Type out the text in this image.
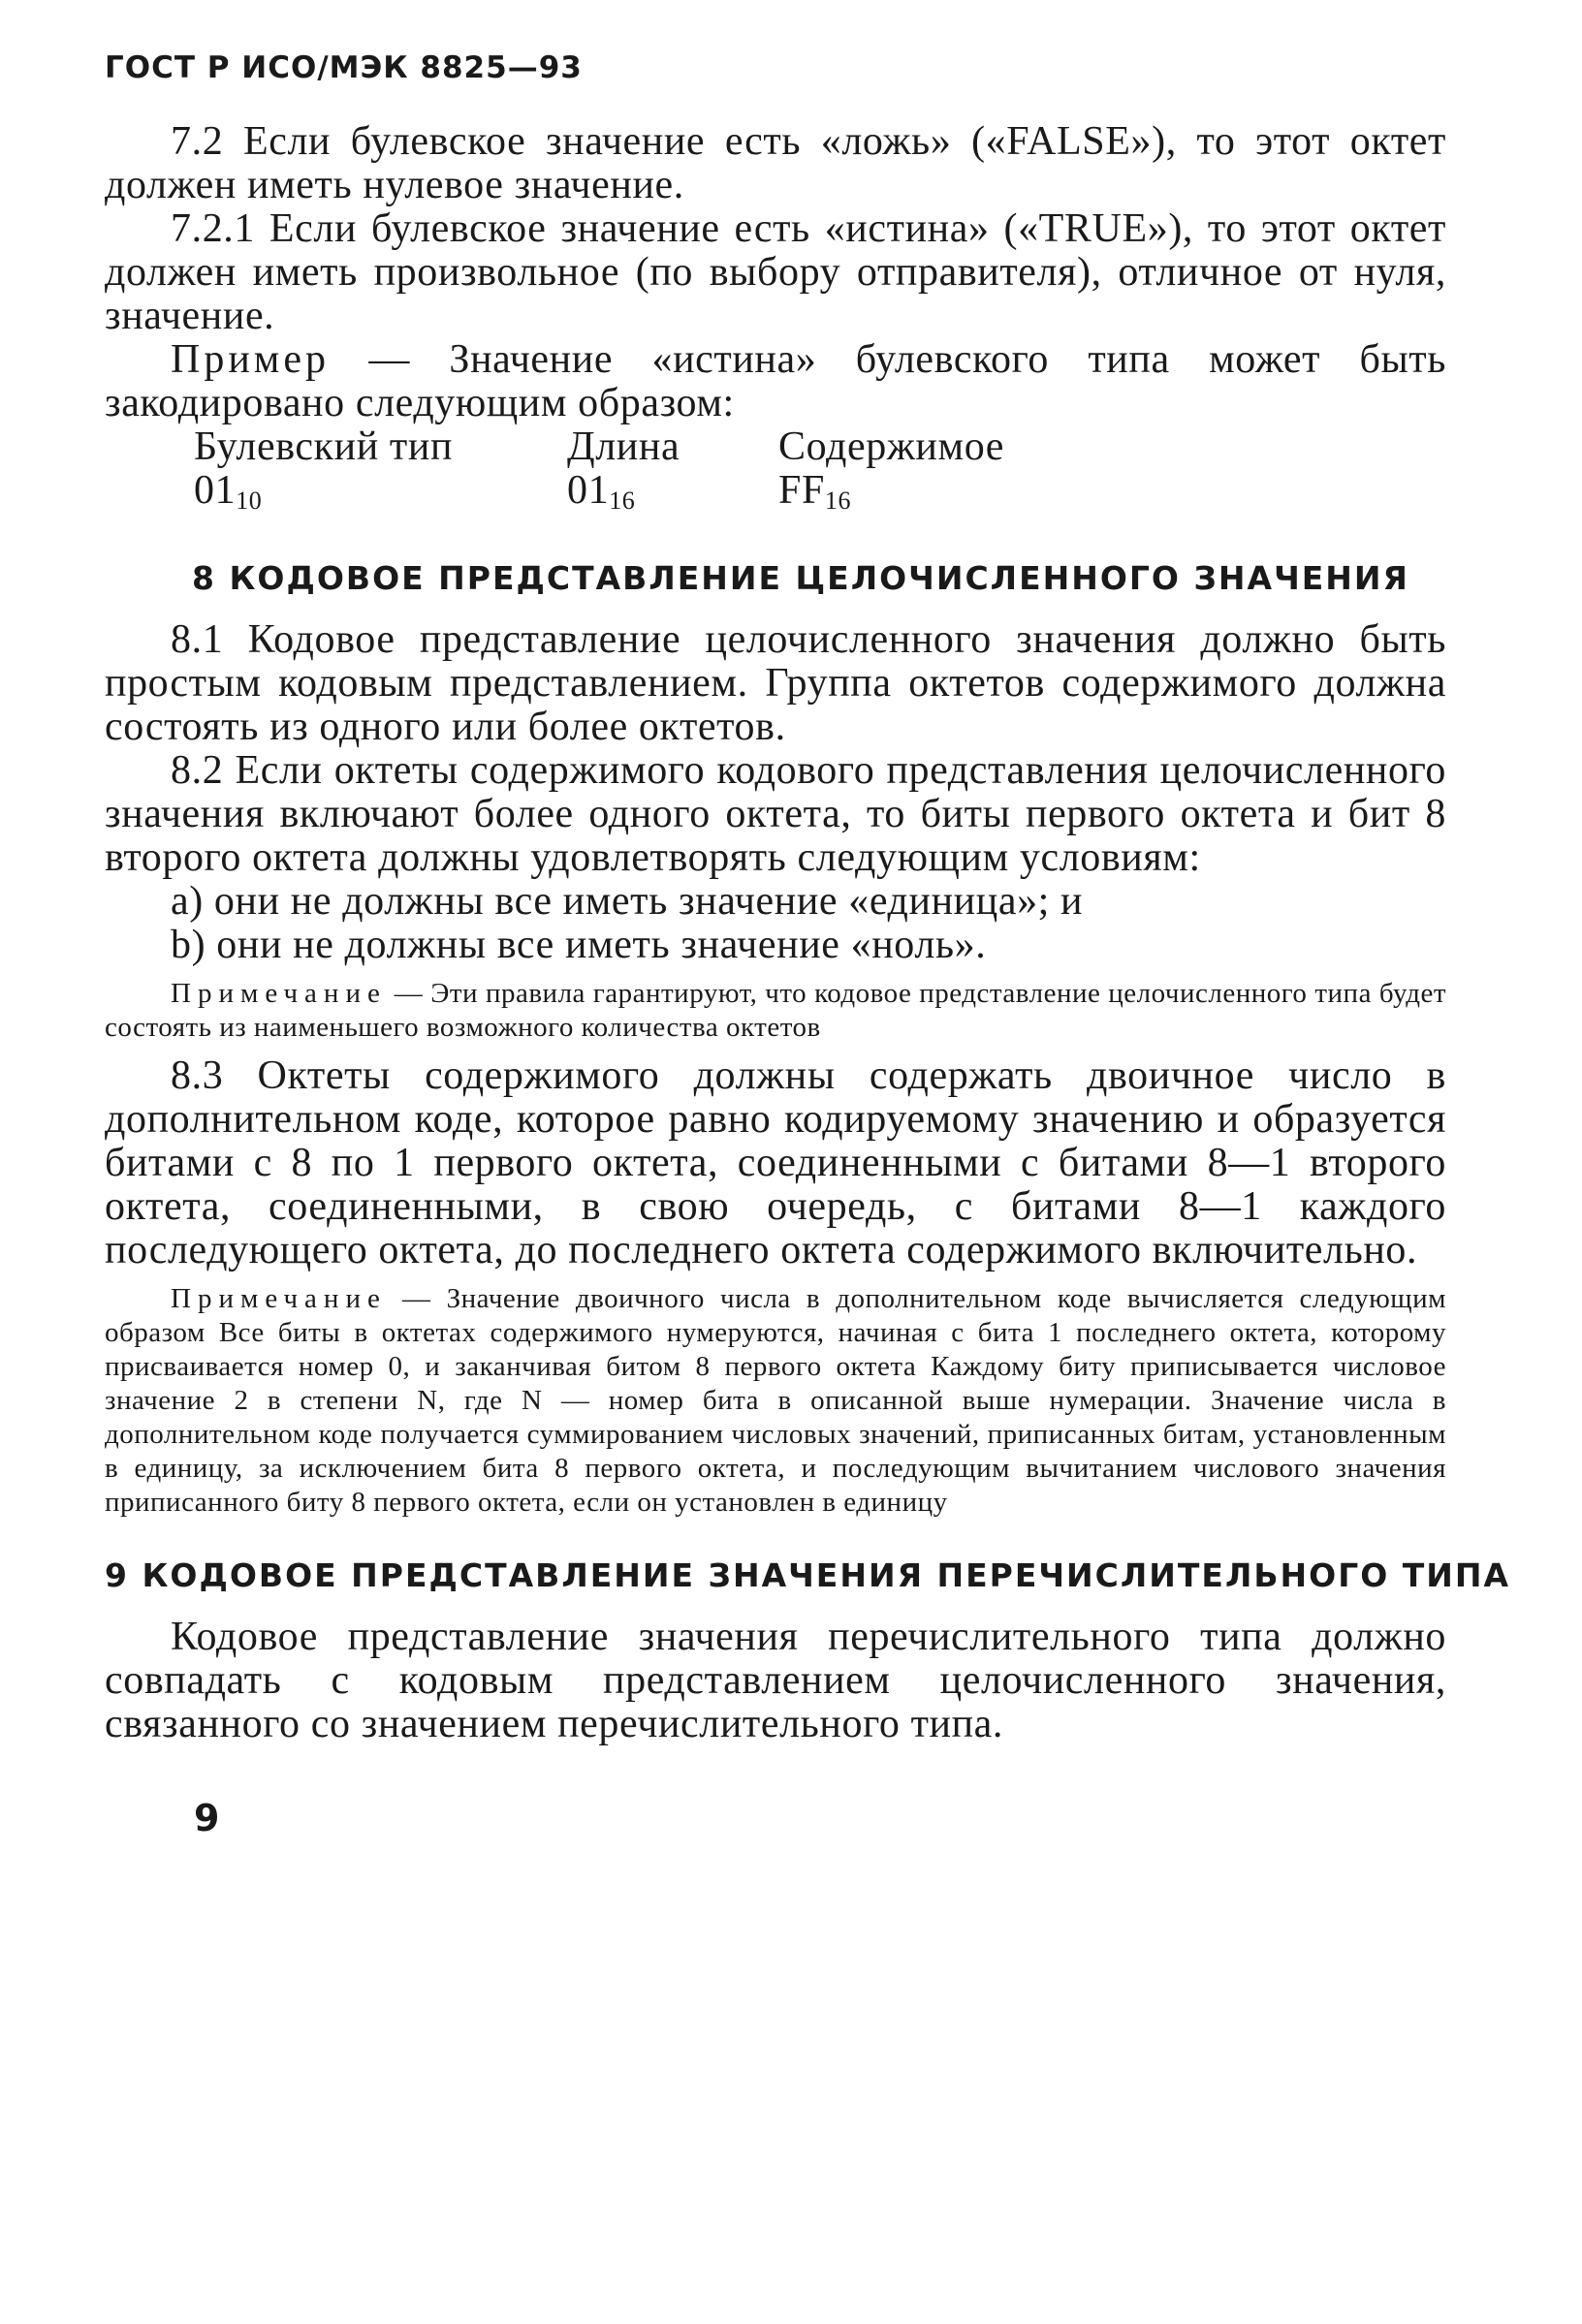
ГОСТ Р ИСО/МЭК 8825—93

7.2 Если булевское значение есть «ложь» («FALSE»), то этот октет должен иметь нулевое значение.

7.2.1 Если булевское значение есть «истина» («TRUE»), то этот октет должен иметь произвольное (по выбору отправителя), отличное от нуля, значение.

Пример — Значение «истина» булевского типа может быть закодировано следующим образом:

Булевский тип	Длина	Содержимое
$01_{10}$	$01_{16}$	$FF_{16}$
8 КОДОВОЕ ПРЕДСТАВЛЕНИЕ ЦЕЛОЧИСЛЕННОГО ЗНАЧЕНИЯ

8.1 Кодовое представление целочисленного значения должно быть простым кодовым представлением. Группа октетов содержимого должна состоять из одного или более октетов.

8.2 Если октеты содержимого кодового представления целочисленного значения включают более одного октета, то биты первого октета и бит 8 второго октета должны удовлетворять следующим условиям:

а) они не должны все иметь значение «единица»; и

b) они не должны все иметь значение «ноль».

Примечание — Эти правила гарантируют, что кодовое представление целочисленного типа будет состоять из наименьшего возможного количества октетов

8.3 Октеты содержимого должны содержать двоичное число в дополнительном коде, которое равно кодируемому значению и образуется битами с 8 по 1 первого октета, соединенными с битами 8—1 второго октета, соединенными, в свою очередь, с битами 8—1 каждого последующего октета, до последнего октета содержимого включительно.

Примечание — Значение двоичного числа в дополнительном коде вычисляется следующим образом Все биты в октетах содержимого нумеруются, начиная с бита 1 последнего октета, которому присваивается номер 0, и заканчивая битом 8 первого октета Каждому биту приписывается числовое значение 2 в степени N, где N — номер бита в описанной выше нумерации. Значение числа в дополнительном коде получается суммированием числовых значений, приписанных битам, установленным в единицу, за исключением бита 8 первого октета, и последующим вычитанием числового значения приписанного биту 8 первого октета, если он установлен в единицу
9 КОДОВОЕ ПРЕДСТАВЛЕНИЕ ЗНАЧЕНИЯ ПЕРЕЧИСЛИТЕЛЬНОГО ТИПА

Кодовое представление значения перечислительного типа должно совпадать с кодовым представлением целочисленного значения, связанного со значением перечислительного типа.

9
